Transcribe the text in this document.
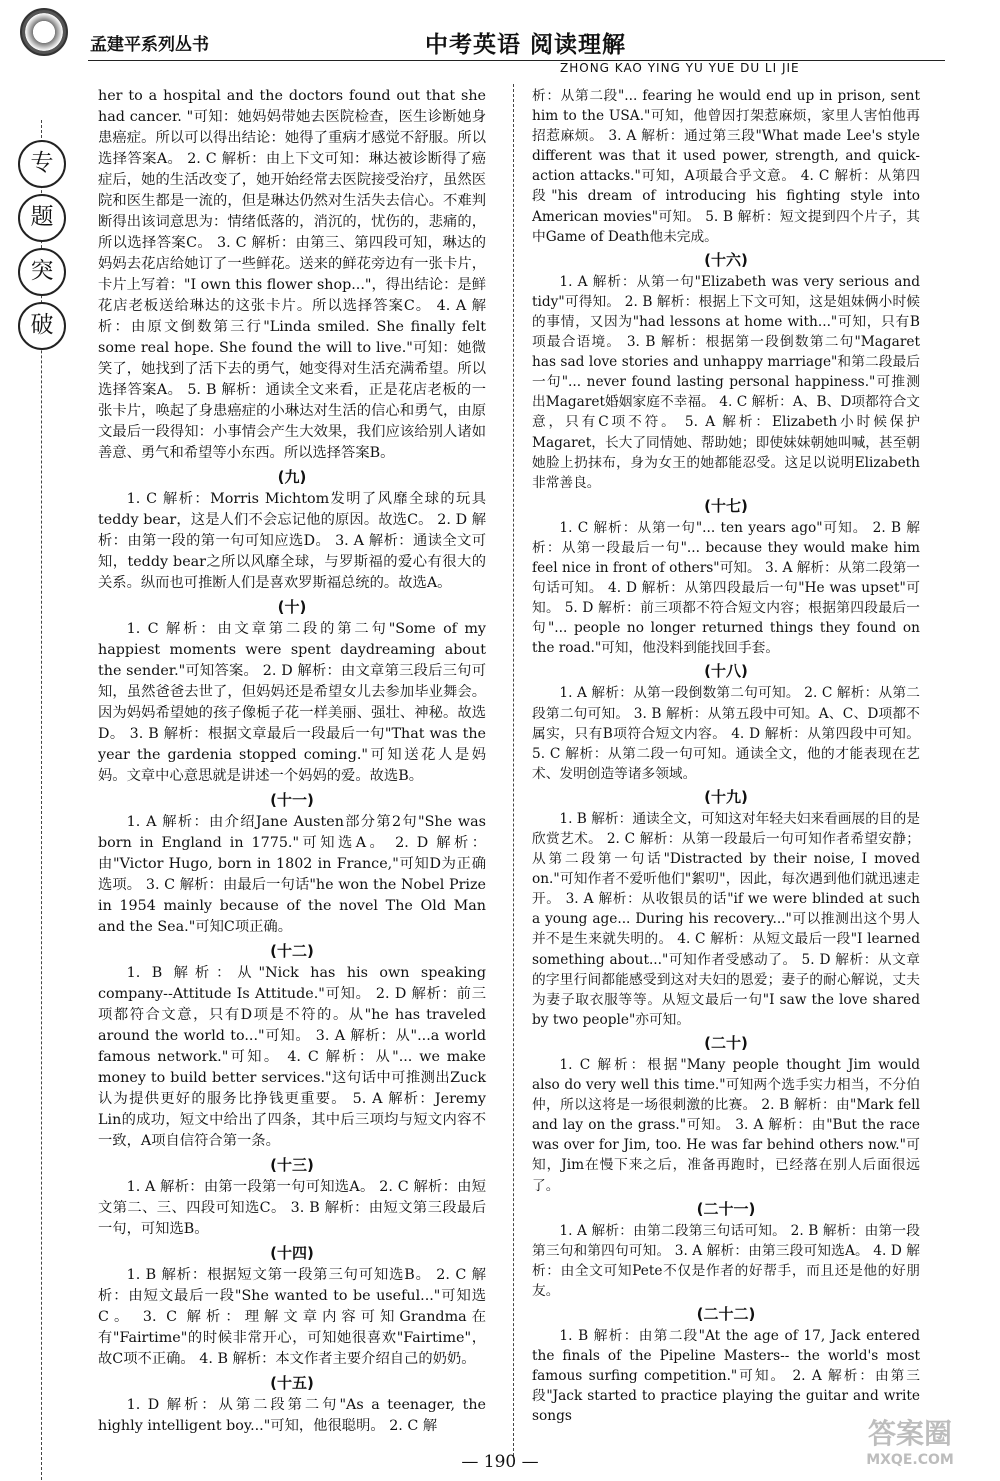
孟建平系列丛书	中考英语 阅读理解
ZHONG KAO YING YU YUE DU LI JIE
专
题
突
破

her to a hospital and the doctors found out that she had cancer. "可知：她妈妈带她去医院检查，医生诊断她身患癌症。所以可以得出结论：她得了重病才感觉不舒服。所以选择答案A。 2. C 解析：由上下文可知：琳达被诊断得了癌症后，她的生活改变了，她开始经常去医院接受治疗，虽然医院和医生都是一流的，但是琳达仍然对生活失去信心。不难判断得出该词意思为：情绪低落的，消沉的，忧伤的，悲痛的，所以选择答案C。 3. C 解析：由第三、第四段可知，琳达的妈妈去花店给她订了一些鲜花。送来的鲜花旁边有一张卡片，卡片上写着："I own this flower shop..."，得出结论：是鲜花店老板送给琳达的这张卡片。所以选择答案C。 4. A 解析：由原文倒数第三行"Linda smiled. She finally felt some real hope. She found the will to live."可知：她微笑了，她找到了活下去的勇气，她变得对生活充满希望。所以选择答案A。 5. B 解析：通读全文来看，正是花店老板的一张卡片，唤起了身患癌症的小琳达对生活的信心和勇气，由原文最后一段得知：小事情会产生大效果，我们应该给别人诸如善意、勇气和希望等小东西。所以选择答案B。

(九)

1. C 解析：Morris Michtom发明了风靡全球的玩具teddy bear，这是人们不会忘记他的原因。故选C。 2. D 解析：由第一段的第一句可知应选D。 3. A 解析：通读全文可知，teddy bear之所以风靡全球，与罗斯福的爱心有很大的关系。纵而也可推断人们是喜欢罗斯福总统的。故选A。

(十)

1. C 解析：由文章第二段的第二句"Some of my happiest moments were spent daydreaming about the sender."可知答案。 2. D 解析：由文章第三段后三句可知，虽然爸爸去世了，但妈妈还是希望女儿去参加毕业舞会。因为妈妈希望她的孩子像栀子花一样美丽、强壮、神秘。故选D。 3. B 解析：根据文章最后一段最后一句"That was the year the gardenia stopped coming."可知送花人是妈妈。文章中心意思就是讲述一个妈妈的爱。故选B。

(十一)

1. A 解析：由介绍Jane Austen部分第2句"She was born in England in 1775."可知选A。 2. D 解析：由"Victor Hugo, born in 1802 in France,"可知D为正确选项。 3. C 解析：由最后一句话"he won the Nobel Prize in 1954 mainly because of the novel The Old Man and the Sea."可知C项正确。

(十二)

1. B 解析：从"Nick has his own speaking company--Attitude Is Attitude."可知。 2. D 解析：前三项都符合文意，只有D项是不符的。从"he has traveled around the world to..."可知。 3. A 解析：从"...a world famous network."可知。 4. C 解析：从"... we make money to build better services."这句话中可推测出Zuck认为提供更好的服务比挣钱更重要。 5. A 解析：Jeremy Lin的成功，短文中给出了四条，其中后三项均与短文内容不一致，A项自信符合第一条。

(十三)

1. A 解析：由第一段第一句可知选A。 2. C 解析：由短文第二、三、四段可知选C。 3. B 解析：由短文第三段最后一句，可知选B。

(十四)

1. B 解析：根据短文第一段第三句可知选B。 2. C 解析：由短文最后一段"She wanted to be useful..."可知选C。 3. C 解析：理解文章内容可知Grandma在有"Fairtime"的时候非常开心，可知她很喜欢"Fairtime"，故C项不正确。 4. B 解析：本文作者主要介绍自己的奶奶。

(十五)

1. D 解析：从第二段第二句"As a teenager, the highly intelligent boy..."可知，他很聪明。 2. C 解

析：从第二段"... fearing he would end up in prison, sent him to the USA."可知，他曾因打架惹麻烦，家里人害怕他再招惹麻烦。 3. A 解析：通过第三段"What made Lee's style different was that it used power, strength, and quick-action attacks."可知，A项最合乎文意。 4. C 解析：从第四段"his dream of introducing his fighting style into American movies"可知。 5. B 解析：短文提到四个片子，其中Game of Death他未完成。

(十六)

1. A 解析：从第一句"Elizabeth was very serious and tidy"可得知。 2. B 解析：根据上下文可知，这是姐妹俩小时候的事情，又因为"had lessons at home with..."可知，只有B项最合语境。 3. B 解析：根据第一段倒数第二句"Magaret has sad love stories and unhappy marriage"和第二段最后一句"... never found lasting personal happiness."可推测出Magaret婚姻家庭不幸福。 4. C 解析：A、B、D项都符合文意，只有C项不符。 5. A 解析：Elizabeth小时候保护Magaret，长大了同情她、帮助她；即使妹妹朝她叫喊，甚至朝她脸上扔抹布，身为女王的她都能忍受。这足以说明Elizabeth非常善良。

(十七)

1. C 解析：从第一句"... ten years ago"可知。 2. B 解析：从第一段最后一句"... because they would make him feel nice in front of others"可知。 3. A 解析：从第二段第一句话可知。 4. D 解析：从第四段最后一句"He was upset"可知。 5. D 解析：前三项都不符合短文内容；根据第四段最后一句"... people no longer returned things they found on the road."可知，他没料到能找回手套。

(十八)

1. A 解析：从第一段倒数第二句可知。 2. C 解析：从第二段第二句可知。 3. B 解析：从第五段中可知。A、C、D项都不属实，只有B项符合短文内容。 4. D 解析：从第四段中可知。 5. C 解析：从第二段一句可知。通读全文，他的才能表现在艺术、发明创造等诸多领域。

(十九)

1. B 解析：通读全文，可知这对年轻夫妇来看画展的目的是欣赏艺术。 2. C 解析：从第一段最后一句可知作者希望安静；从第二段第一句话"Distracted by their noise, I moved on."可知作者不爱听他们"絮叨"，因此，每次遇到他们就迅速走开。 3. A 解析：从收银员的话"if we were blinded at such a young age... During his recovery..."可以推测出这个男人并不是生来就失明的。 4. C 解析：从短文最后一段"I learned something about..."可知作者受感动了。 5. D 解析：从文章的字里行间都能感受到这对夫妇的恩爱；妻子的耐心解说，丈夫为妻子取衣服等等。从短文最后一句"I saw the love shared by two people"亦可知。

(二十)

1. C 解析：根据"Many people thought Jim would also do very well this time."可知两个选手实力相当，不分伯仲，所以这将是一场很刺激的比赛。 2. B 解析：由"Mark fell and lay on the grass."可知。 3. A 解析：由"But the race was over for Jim, too. He was far behind others now."可知，Jim在慢下来之后，准备再跑时，已经落在别人后面很远了。

(二十一)

1. A 解析：由第二段第三句话可知。 2. B 解析：由第一段第三句和第四句可知。 3. A 解析：由第三段可知选A。 4. D 解析：由全文可知Pete不仅是作者的好帮手，而且还是他的好朋友。

(二十二)

1. B 解析：由第二段"At the age of 17, Jack entered the finals of the Pipeline Masters-- the world's most famous surfing competition."可知。 2. A 解析：由第三段"Jack started to practice playing the guitar and write songs

— 190 —
答案圈
MXQE.COM
